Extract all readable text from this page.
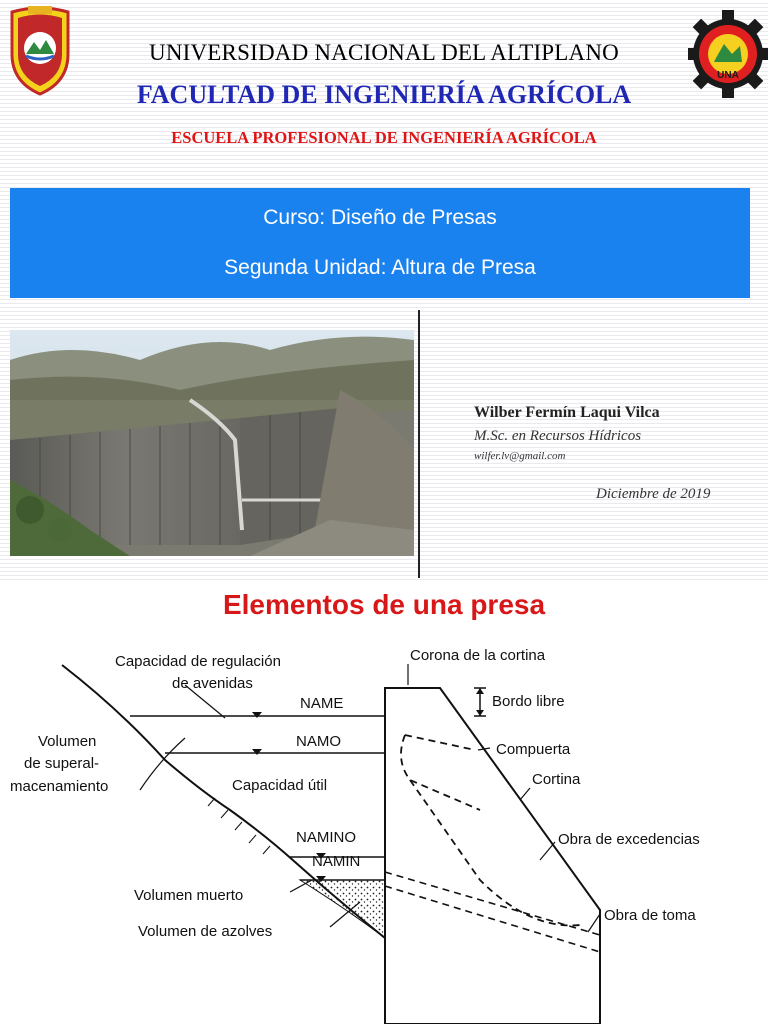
UNA
UNIVERSIDAD NACIONAL DEL ALTIPLANO
FACULTAD DE INGENIERÍA AGRÍCOLA
ESCUELA PROFESIONAL DE INGENIERÍA AGRÍCOLA
Curso: Diseño de Presas
Segunda Unidad: Altura de Presa
Wilber Fermín Laqui Vilca
M.Sc. en Recursos Hídricos
wilfer.lv@gmail.com
Diciembre de 2019
Elementos de una presa
Capacidad de regulación
de avenidas
NAME
NAMO
Capacidad útil
NAMINO
NAMIN
Volumen
de superal-
macenamiento
Volumen muerto
Volumen de azolves
Corona de la cortina
Bordo libre
Compuerta
Cortina
Obra de excedencias
Obra de toma
